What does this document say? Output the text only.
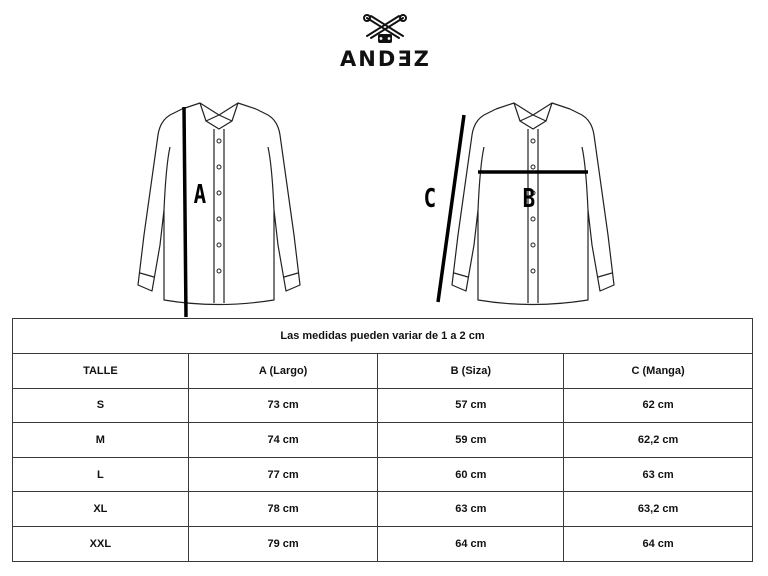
ANDƎZ
A	B
C
Las medidas pueden variar de 1 a 2 cm			
TALLE	A (Largo)	B (Siza)	C (Manga)
S	73 cm	57 cm	62 cm
M	74 cm	59 cm	62,2 cm
L	77 cm	60 cm	63 cm
XL	78 cm	63 cm	63,2 cm
XXL	79 cm	64 cm	64 cm
